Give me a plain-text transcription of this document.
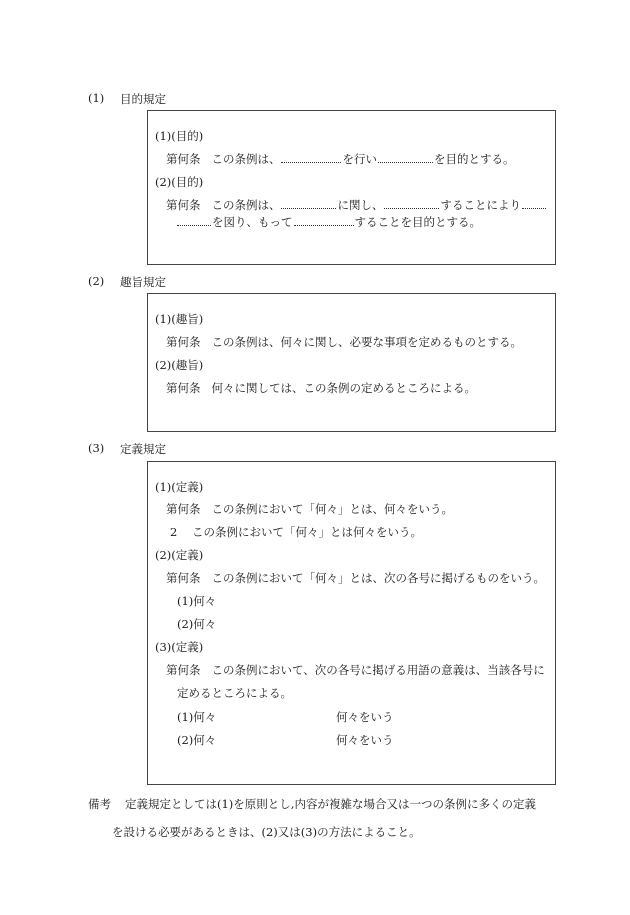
(1) 目的規定
(1)(目的)
第何条 この条例は、	を行い	を目的とする。
(2)(目的)
第何条 この条例は、	に関し、	することにより
を図り、もって	することを目的とする。
(2) 趣旨規定
(1)(趣旨)
第何条 この条例は、何々に関し、必要な事項を定めるものとする。
(2)(趣旨)
第何条 何々に関しては、この条例の定めるところによる。
(3) 定義規定
(1)(定義)
第何条 この条例において「何々」とは、何々をいう。
2 この条例において「何々」とは何々をいう。
(2)(定義)
第何条 この条例において「何々」とは、次の各号に掲げるものをいう。
(1)何々
(2)何々
(3)(定義)
第何条 この条例において、次の各号に掲げる用語の意義は、当該各号に
定めるところによる。
(1)何々	何々をいう
(2)何々	何々をいう
備考 定義規定としては(1)を原則とし,内容が複雑な場合又は一つの条例に多くの定義
を設ける必要があるときは、(2)又は(3)の方法によること。
